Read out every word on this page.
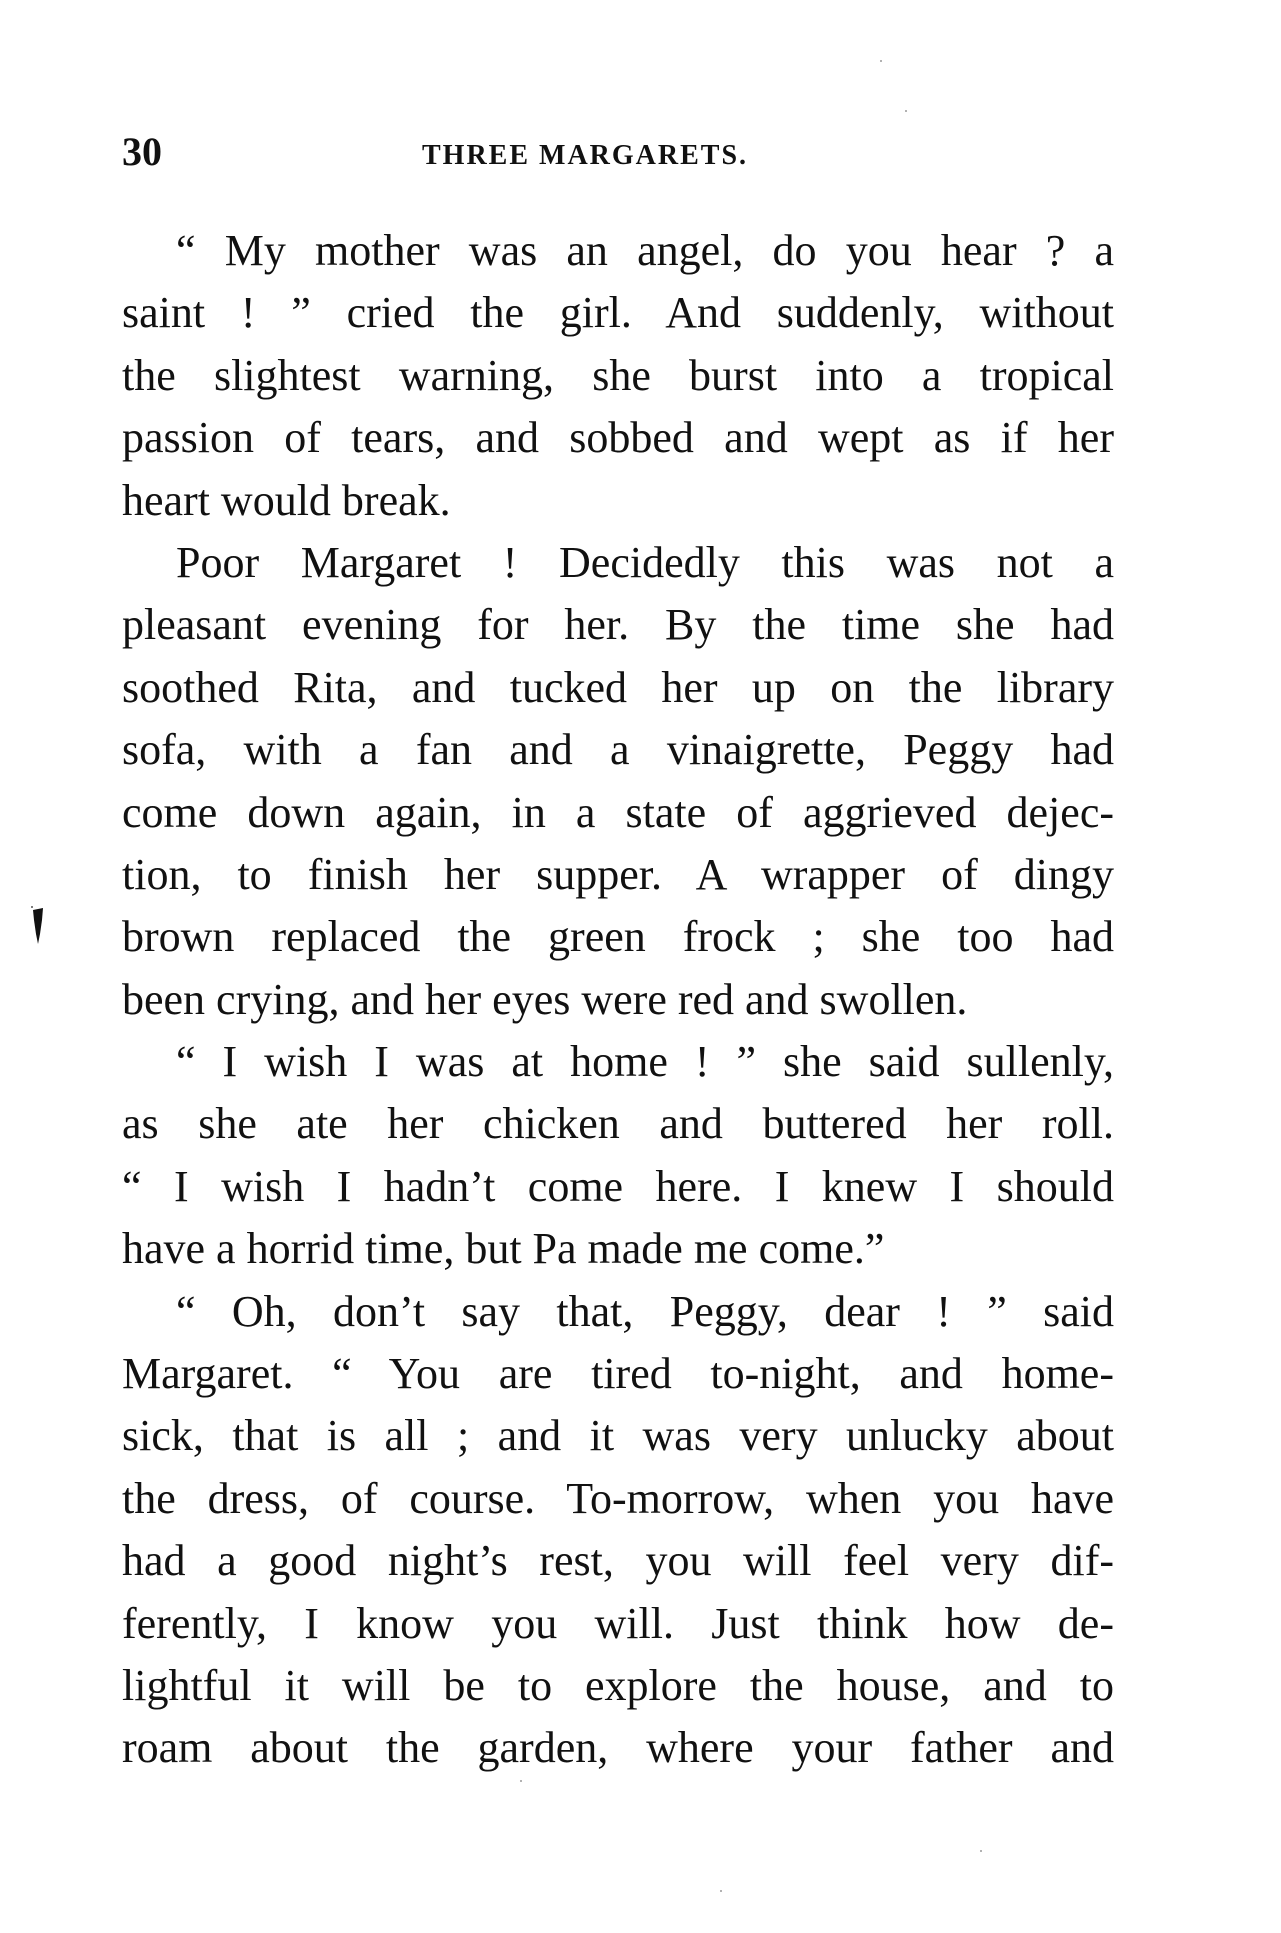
30	THREE MARGARETS.
“ My mother was an angel, do you hear ? a
saint ! ” cried the girl. And suddenly, without
the slightest warning, she burst into a tropical
passion of tears, and sobbed and wept as if her
heart would break.
Poor Margaret ! Decidedly this was not a
pleasant evening for her. By the time she had
soothed Rita, and tucked her up on the library
sofa, with a fan and a vinaigrette, Peggy had
come down again, in a state of aggrieved dejec-
tion, to finish her supper. A wrapper of dingy
brown replaced the green frock ; she too had
been crying, and her eyes were red and swollen.
“ I wish I was at home ! ” she said sullenly,
as she ate her chicken and buttered her roll.
“ I wish I hadn’t come here. I knew I should
have a horrid time, but Pa made me come.”
“ Oh, don’t say that, Peggy, dear ! ” said
Margaret. “ You are tired to-night, and home-
sick, that is all ; and it was very unlucky about
the dress, of course. To-morrow, when you have
had a good night’s rest, you will feel very dif-
ferently, I know you will. Just think how de-
lightful it will be to explore the house, and to
roam about the garden, where your father and
